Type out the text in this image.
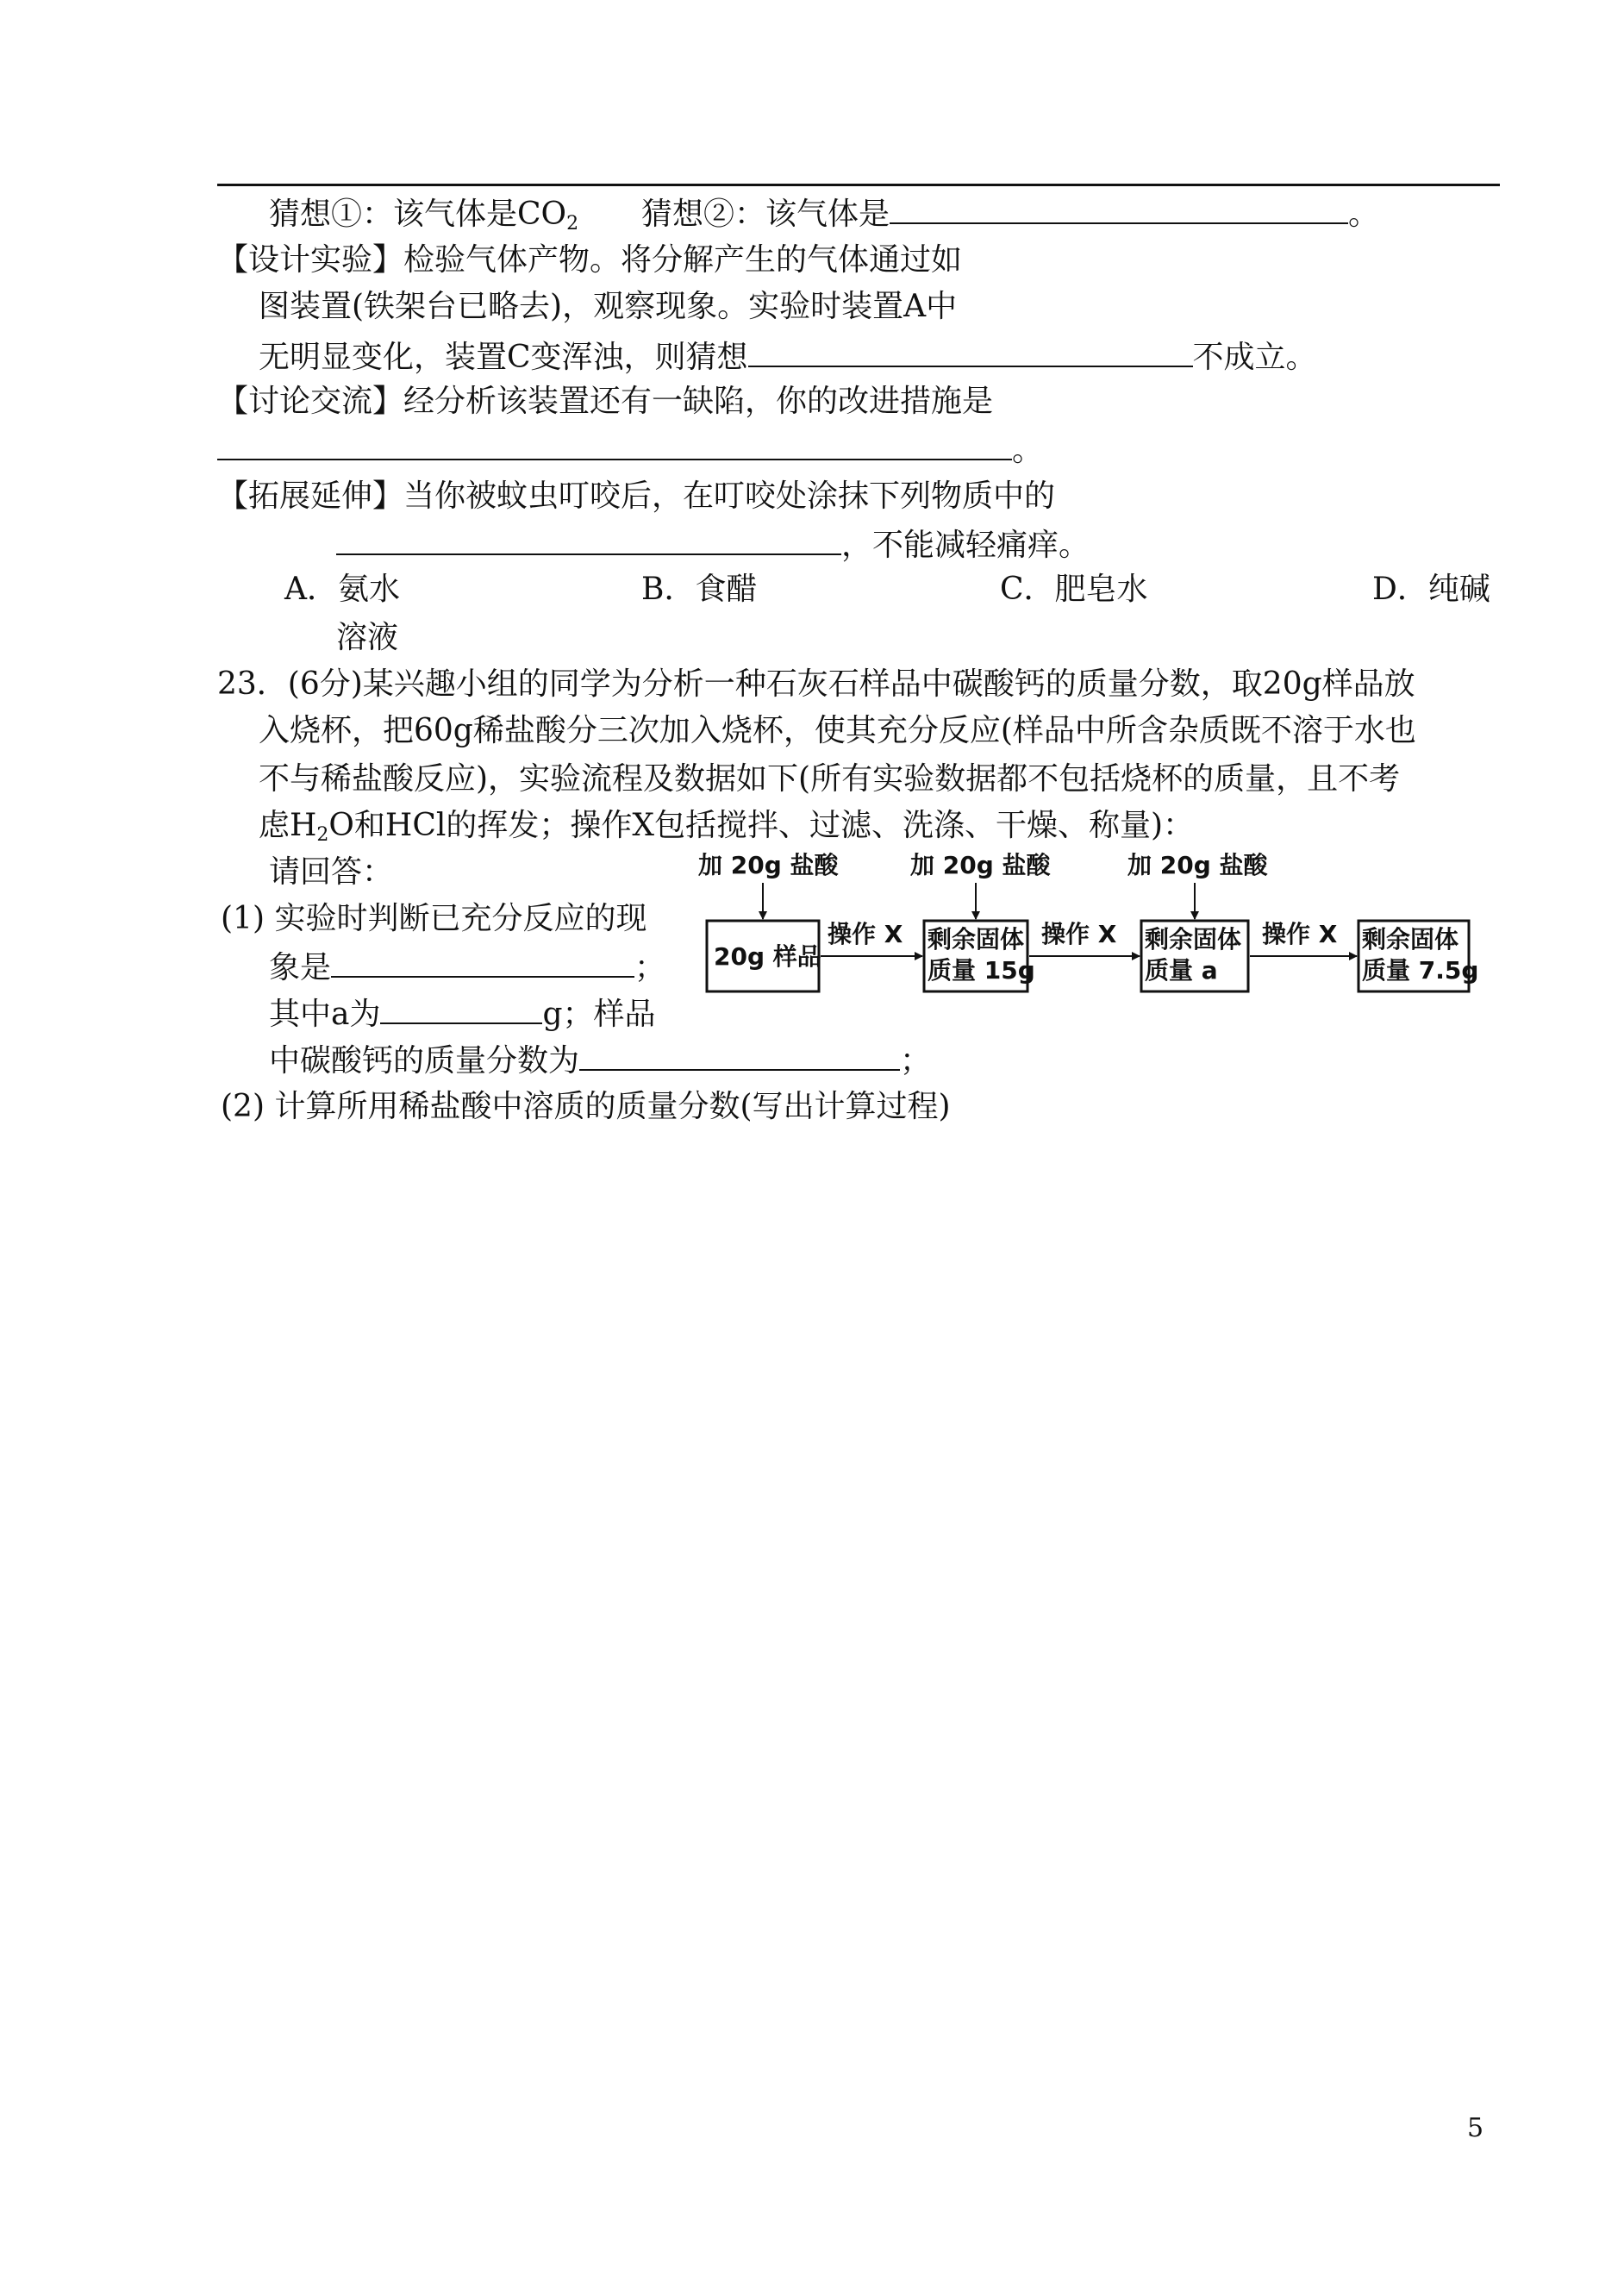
猜想①：该气体是$CO_2$ 猜想②：该气体是	。
【设计实验】检验气体产物。将分解产生的气体通过如
图装置(铁架台已略去)，观察现象。实验时装置A中
无明显变化，装置C变浑浊，则猜想	不成立。
【讨论交流】经分析该装置还有一缺陷，你的改进措施是
。
【拓展延伸】当你被蚊虫叮咬后，在叮咬处涂抹下列物质中的
，不能减轻痛痒。
A．氨水	B．食醋	C．肥皂水	D．纯碱
溶液
23．(6分)某兴趣小组的同学为分析一种石灰石样品中碳酸钙的质量分数，取20g样品放
入烧杯，把60g稀盐酸分三次加入烧杯，使其充分反应(样品中所含杂质既不溶于水也
不与稀盐酸反应)，实验流程及数据如下(所有实验数据都不包括烧杯的质量，且不考
虑$H_2O$和HCl的挥发；操作X包括搅拌、过滤、洗涤、干燥、称量)：
请回答：
(1) 实验时判断已充分反应的现
象是	；
其中a为	g；样品
中碳酸钙的质量分数为	；
(2) 计算所用稀盐酸中溶质的质量分数(写出计算过程)
加 20g 盐酸	加 20g 盐酸	加 20g 盐酸
20g 样品
操作 X	操作 X	操作 X
剩余固体
质量 15g
剩余固体
质量 a
剩余固体
质量 7.5g
5
